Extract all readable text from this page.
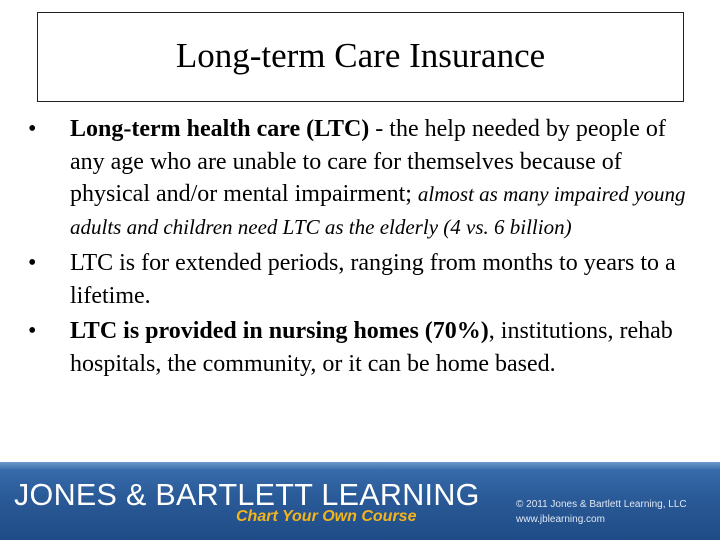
Long-term Care Insurance
•	Long-term health care (LTC) - the help needed by people of any age who are unable to care for themselves because of physical and/or mental impairment; almost as many impaired young adults and children need LTC as the elderly (4 vs. 6 billion)
•	LTC is for extended periods, ranging from months to years to a lifetime.
•	LTC is provided in nursing homes (70%), institutions, rehab hospitals, the community, or it can be home based.
JONES & BARTLETT LEARNING
Chart Your Own Course
© 2011 Jones & Bartlett Learning, LLC
www.jblearning.com
